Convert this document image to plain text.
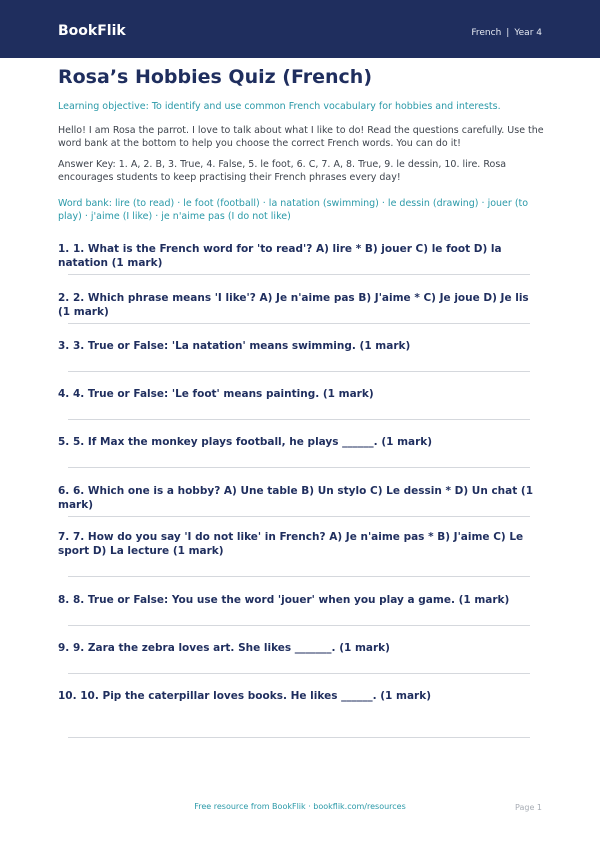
BookFlik	French | Year 4
Rosa’s Hobbies Quiz (French)
Learning objective: To identify and use common French vocabulary for hobbies and interests.
Hello! I am Rosa the parrot. I love to talk about what I like to do! Read the questions carefully. Use the word bank at the bottom to help you choose the correct French words. You can do it!
Answer Key: 1. A, 2. B, 3. True, 4. False, 5. le foot, 6. C, 7. A, 8. True, 9. le dessin, 10. lire. Rosa encourages students to keep practising their French phrases every day!
Word bank: lire (to read) · le foot (football) · la natation (swimming) · le dessin (drawing) · jouer (to play) · j'aime (I like) · je n'aime pas (I do not like)
1. 1. What is the French word for 'to read'? A) lire * B) jouer C) le foot D) la natation (1 mark)
2. 2. Which phrase means 'I like'? A) Je n'aime pas B) J'aime * C) Je joue D) Je lis (1 mark)
3. 3. True or False: 'La natation' means swimming. (1 mark)
4. 4. True or False: 'Le foot' means painting. (1 mark)
5. 5. If Max the monkey plays football, he plays ______. (1 mark)
6. 6. Which one is a hobby? A) Une table B) Un stylo C) Le dessin * D) Un chat (1 mark)
7. 7. How do you say 'I do not like' in French? A) Je n'aime pas * B) J'aime C) Le sport D) La lecture (1 mark)
8. 8. True or False: You use the word 'jouer' when you play a game. (1 mark)
9. 9. Zara the zebra loves art. She likes _______. (1 mark)
10. 10. Pip the caterpillar loves books. He likes ______. (1 mark)
Free resource from BookFlik · bookflik.com/resources	Page 1
